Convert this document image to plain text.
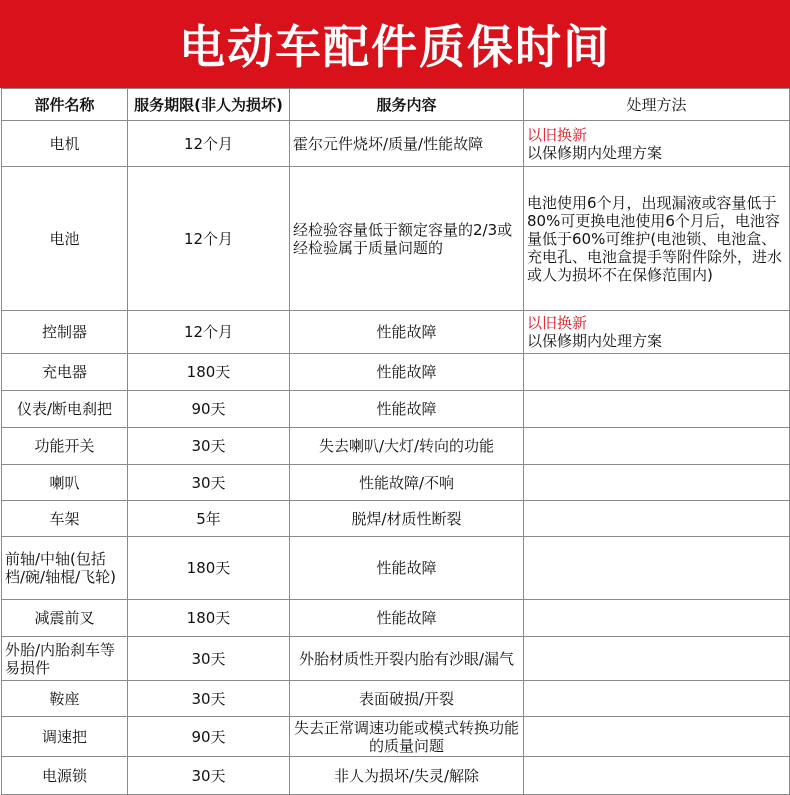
电动车配件质保时间
部件名称	服务期限(非人为损坏)	服务内容	处理方法
电机	12个月	霍尔元件烧坏/质量/性能故障	以旧换新
以保修期内处理方案

电池	12个月	经检验容量低于额定容量的2/3或经检验属于质量问题的	电池使用6个月，出现漏液或容量低于80%可更换电池使用6个月后，电池容量低于60%可维护(电池锁、电池盒、充电孔、电池盒提手等附件除外，进水或人为损坏不在保修范围内)

控制器	12个月	性能故障	以旧换新
以保修期内处理方案

充电器	180天	性能故障	
仪表/断电刹把	90天	性能故障	
功能开关	30天	失去喇叭/大灯/转向的功能	
喇叭	30天	性能故障/不响	
车架	5年	脱焊/材质性断裂	
前轴/中轴(包括档/碗/轴棍/飞轮)	180天	性能故障	
减震前叉	180天	性能故障	
外胎/内胎刹车等易损件	30天	外胎材质性开裂内胎有沙眼/漏气	
鞍座	30天	表面破损/开裂	
调速把	90天	失去正常调速功能或模式转换功能的质量问题	
电源锁	30天	非人为损坏/失灵/解除	
